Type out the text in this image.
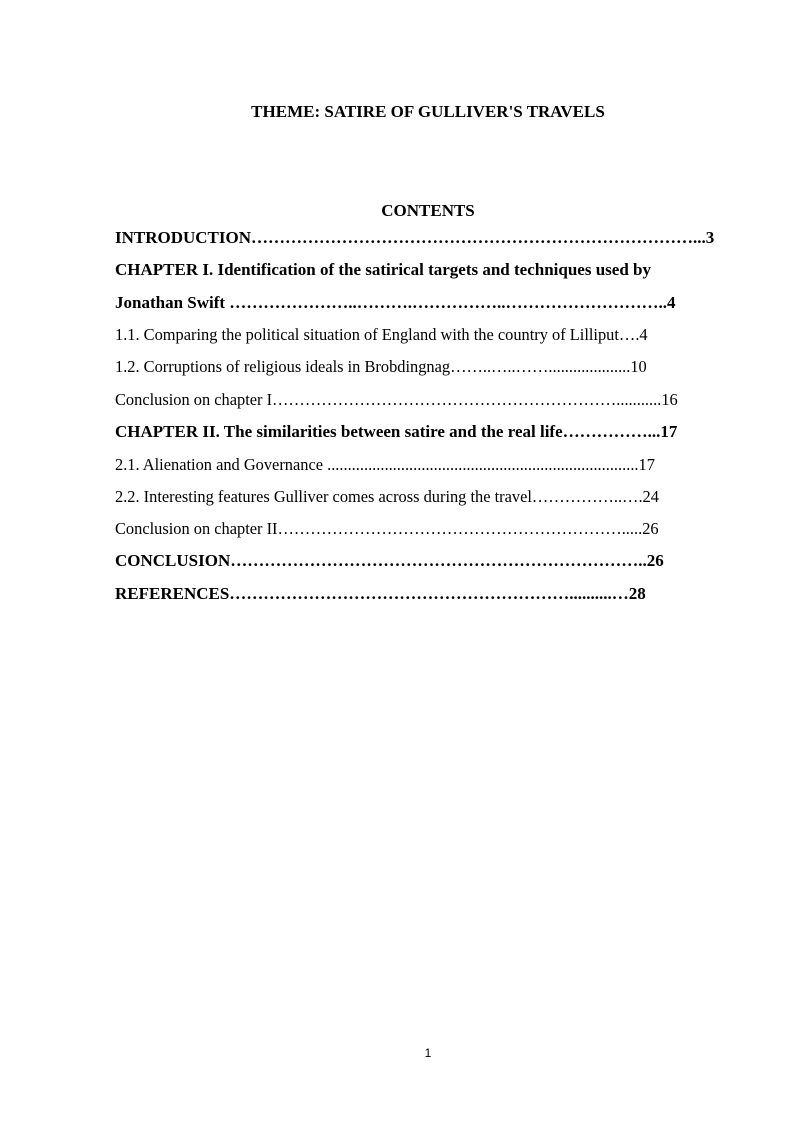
THEME: SATIRE OF GULLIVER'S TRAVELS
CONTENTS
INTRODUCTION……………………………………………………………………...3
CHAPTER I. Identification of the satirical targets and techniques used by
Jonathan Swift …………………..……….……………..………………………..4
1.1. Comparing the political situation of England with the country of Lilliput….4
1.2. Corruptions of religious ideals in Brobdingnag……..…..……....................10
Conclusion on chapter I………………………………………………………...........16
CHAPTER II. The similarities between satire and the real life……………...17
2.1. Alienation and Governance ............................................................................17
2.2. Interesting features Gulliver comes across during the travel……………..….24
Conclusion on chapter II……………………………………………………….....26
CONCLUSION………………………………………………………………..26
REFERENCES……………………………………………………..........…28
1
